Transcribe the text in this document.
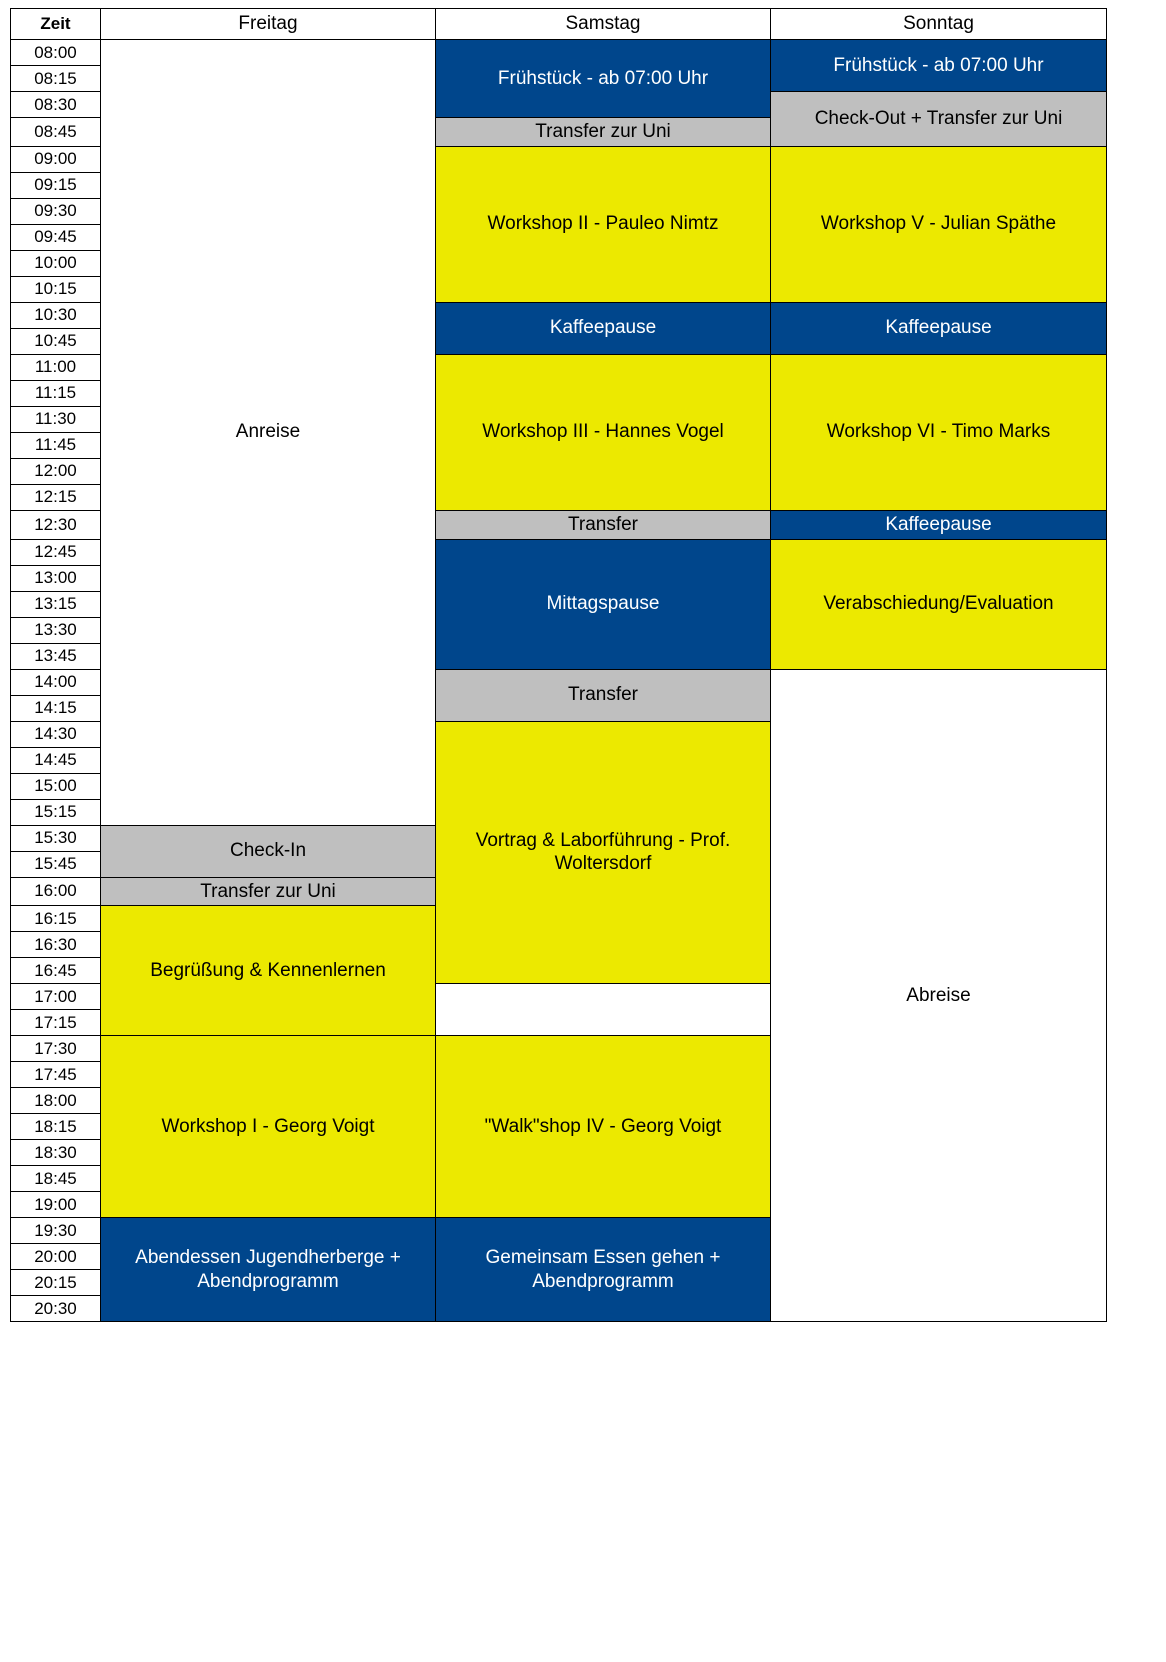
Zeit	Freitag	Samstag	Sonntag
08:00	Anreise	Frühstück - ab 07:00 Uhr	Frühstück - ab 07:00 Uhr
08:15			
08:30			Check-Out + Transfer zur Uni
08:45		Transfer zur Uni	
09:00		Workshop II - Pauleo Nimtz	Workshop V - Julian Späthe
09:15			
09:30			
09:45			
10:00			
10:15			
10:30		Kaffeepause	Kaffeepause
10:45			
11:00		Workshop III - Hannes Vogel	Workshop VI - Timo Marks
11:15			
11:30			
11:45			
12:00			
12:15			
12:30		Transfer	Kaffeepause
12:45		Mittagspause	Verabschiedung/Evaluation
13:00			
13:15			
13:30			
13:45			
14:00		Transfer	Abreise
14:15			
14:30		Vortrag & Laborführung - Prof. Woltersdorf	
14:45			
15:00			
15:15			
15:30	Check-In		
15:45			
16:00	Transfer zur Uni		
16:15	Begrüßung & Kennenlernen		
16:30			
16:45			
17:00			
17:15			
17:30	Workshop I - Georg Voigt	"Walk"shop IV - Georg Voigt	
17:45			
18:00			
18:15			
18:30			
18:45			
19:00			
19:30	Abendessen Jugendherberge + Abendprogramm	Gemeinsam Essen gehen + Abendprogramm	
20:00			
20:15			
20:30			
